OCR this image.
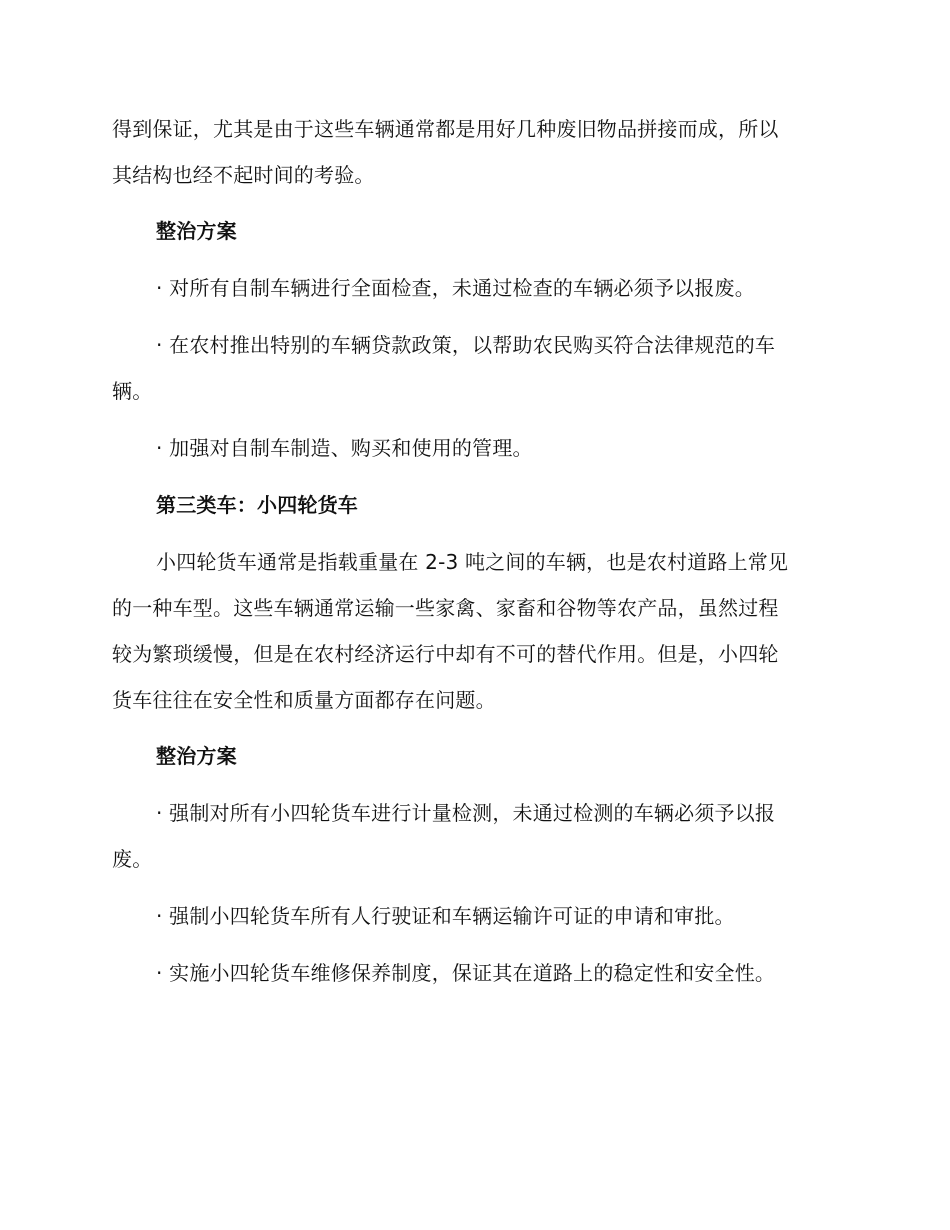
得到保证，尤其是由于这些车辆通常都是用好几种废旧物品拼接而成，所以
其结构也经不起时间的考验。
整治方案
· 对所有自制车辆进行全面检查，未通过检查的车辆必须予以报废。
· 在农村推出特别的车辆贷款政策，以帮助农民购买符合法律规范的车
辆。
· 加强对自制车制造、购买和使用的管理。
第三类车：小四轮货车
小四轮货车通常是指载重量在 2-3 吨之间的车辆，也是农村道路上常见
的一种车型。这些车辆通常运输一些家禽、家畜和谷物等农产品，虽然过程
较为繁琐缓慢，但是在农村经济运行中却有不可的替代作用。但是，小四轮
货车往往在安全性和质量方面都存在问题。
整治方案
· 强制对所有小四轮货车进行计量检测，未通过检测的车辆必须予以报
废。
· 强制小四轮货车所有人行驶证和车辆运输许可证的申请和审批。
· 实施小四轮货车维修保养制度，保证其在道路上的稳定性和安全性。
